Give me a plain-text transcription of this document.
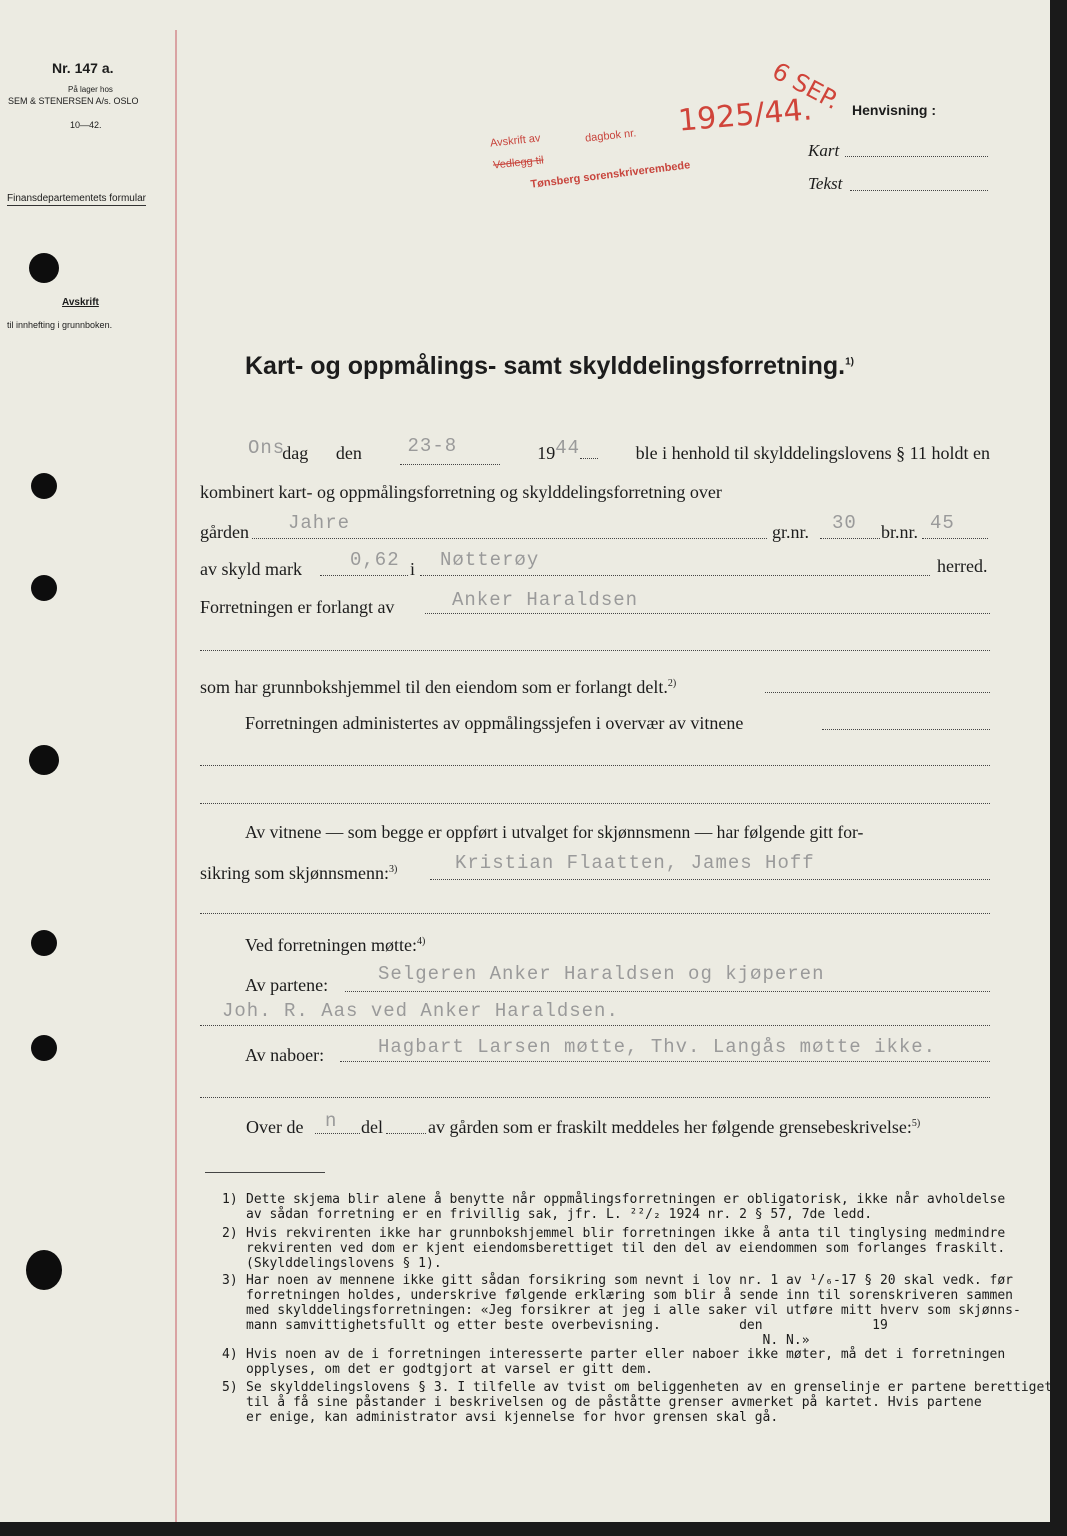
Nr. 147 a.
På lager hos
SEM & STENERSEN A/s. OSLO
10—42.
Finansdepartementets formular
Avskrift
til innhefting i grunnboken.
Avskrift av	dagbok nr.
Vedlegg til
Tønsberg sorenskriverembede
1925/44.
6 SEP. Henvisning :
Kart
Tekst
Kart- og oppmålings- samt skylddelingsforretning.$^{1)}$
Onsdag den 23-8	1944	ble i henhold til skylddelingslovens § 11 holdt en
kombinert kart- og oppmålingsforretning og skylddelingsforretning over
gården Jahre	gr.nr. 30 br.nr. 45
av skyld mark	0,62 i Nøtterøy	herred.
Forretningen er forlangt av	Anker Haraldsen
som har grunnbokshjemmel til den eiendom som er forlangt delt.$^{2)}$
Forretningen administertes av oppmålingssjefen i overvær av vitnene
Av vitnene — som begge er oppført i utvalget for skjønnsmenn — har følgende gitt for-
sikring som skjønnsmenn:$^{3)}$	Kristian Flaatten, James Hoff
Ved forretningen møtte:$^{4)}$
Av partene:	Selgeren Anker Haraldsen og kjøperen
Joh. R. Aas ved Anker Haraldsen.
Av naboer:	Hagbart Larsen møtte, Thv. Langås møtte ikke.
Over de n del	av gården som er fraskilt meddeles her følgende grensebeskrivelse:$^{5)}$
1) Dette skjema blir alene å benytte når oppmålingsforretningen er obligatorisk, ikke når avholdelse

av sådan forretning er en frivillig sak, jfr. L. ²²/₂ 1924 nr. 2 § 57, 7de ledd.

2) Hvis rekvirenten ikke har grunnbokshjemmel blir forretningen ikke å anta til tinglysing medmindre

rekvirenten ved dom er kjent eiendomsberettiget til den del av eiendommen som forlanges fraskilt.

(Skylddelingslovens § 1).

3) Har noen av mennene ikke gitt sådan forsikring som nevnt i lov nr. 1 av ¹/₆-17 § 20 skal vedk. før

forretningen holdes, underskrive følgende erklæring som blir å sende inn til sorenskriveren sammen

med skylddelingsforretningen: «Jeg forsikrer at jeg i alle saker vil utføre mitt hverv som skjønns-

mann samvittighetsfullt og etter beste overbevisning.          den              19

N. N.»

4) Hvis noen av de i forretningen interesserte parter eller naboer ikke møter, må det i forretningen

opplyses, om det er godtgjort at varsel er gitt dem.

5) Se skylddelingslovens § 3. I tilfelle av tvist om beliggenheten av en grenselinje er partene berettiget

til å få sine påstander i beskrivelsen og de påståtte grenser avmerket på kartet. Hvis partene

er enige, kan administrator avsi kjennelse for hvor grensen skal gå.
